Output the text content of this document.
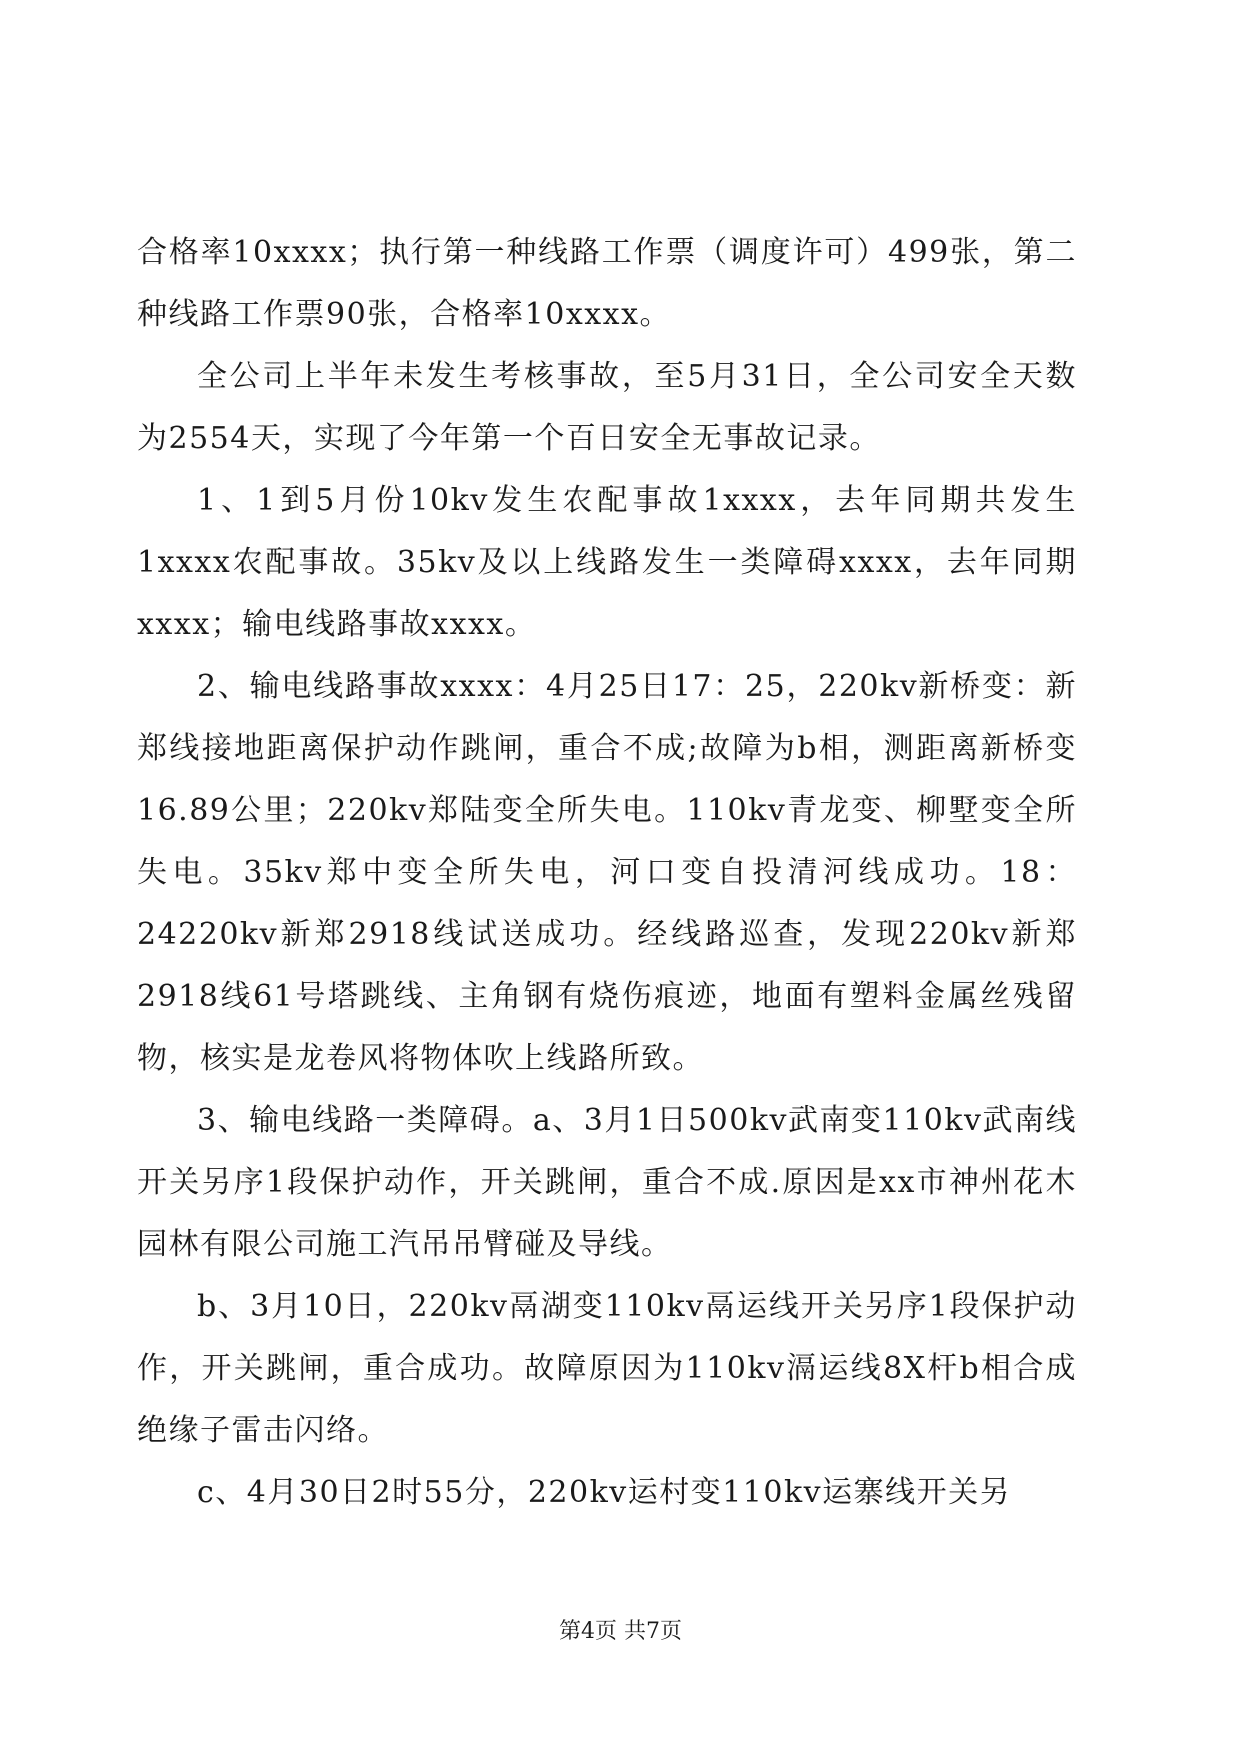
合格率10xxxx；执行第一种线路工作票（调度许可）499张，第二种线路工作票90张，合格率10xxxx。

全公司上半年未发生考核事故，至5月31日，全公司安全天数为2554天，实现了今年第一个百日安全无事故记录。

1、1到5月份10kv发生农配事故1xxxx，去年同期共发生1xxxx农配事故。35kv及以上线路发生一类障碍xxxx，去年同期xxxx；输电线路事故xxxx。

2、输电线路事故xxxx：4月25日17：25，220kv新桥变：新郑线接地距离保护动作跳闸，重合不成;故障为b相，测距离新桥变16.89公里；220kv郑陆变全所失电。110kv青龙变、柳墅变全所失电。35kv郑中变全所失电，河口变自投清河线成功。18：24220kv新郑2918线试送成功。经线路巡查，发现220kv新郑2918线61号塔跳线、主角钢有烧伤痕迹，地面有塑料金属丝残留物，核实是龙卷风将物体吹上线路所致。

3、输电线路一类障碍。a、3月1日500kv武南变110kv武南线开关另序1段保护动作，开关跳闸，重合不成.原因是xx市神州花木园林有限公司施工汽吊吊臂碰及导线。

b、3月10日，220kv鬲湖变110kv鬲运线开关另序1段保护动作，开关跳闸，重合成功。故障原因为110kv滆运线8X杆b相合成绝缘子雷击闪络。

c、4月30日2时55分，220kv运村变110kv运寨线开关另

第4页 共7页
